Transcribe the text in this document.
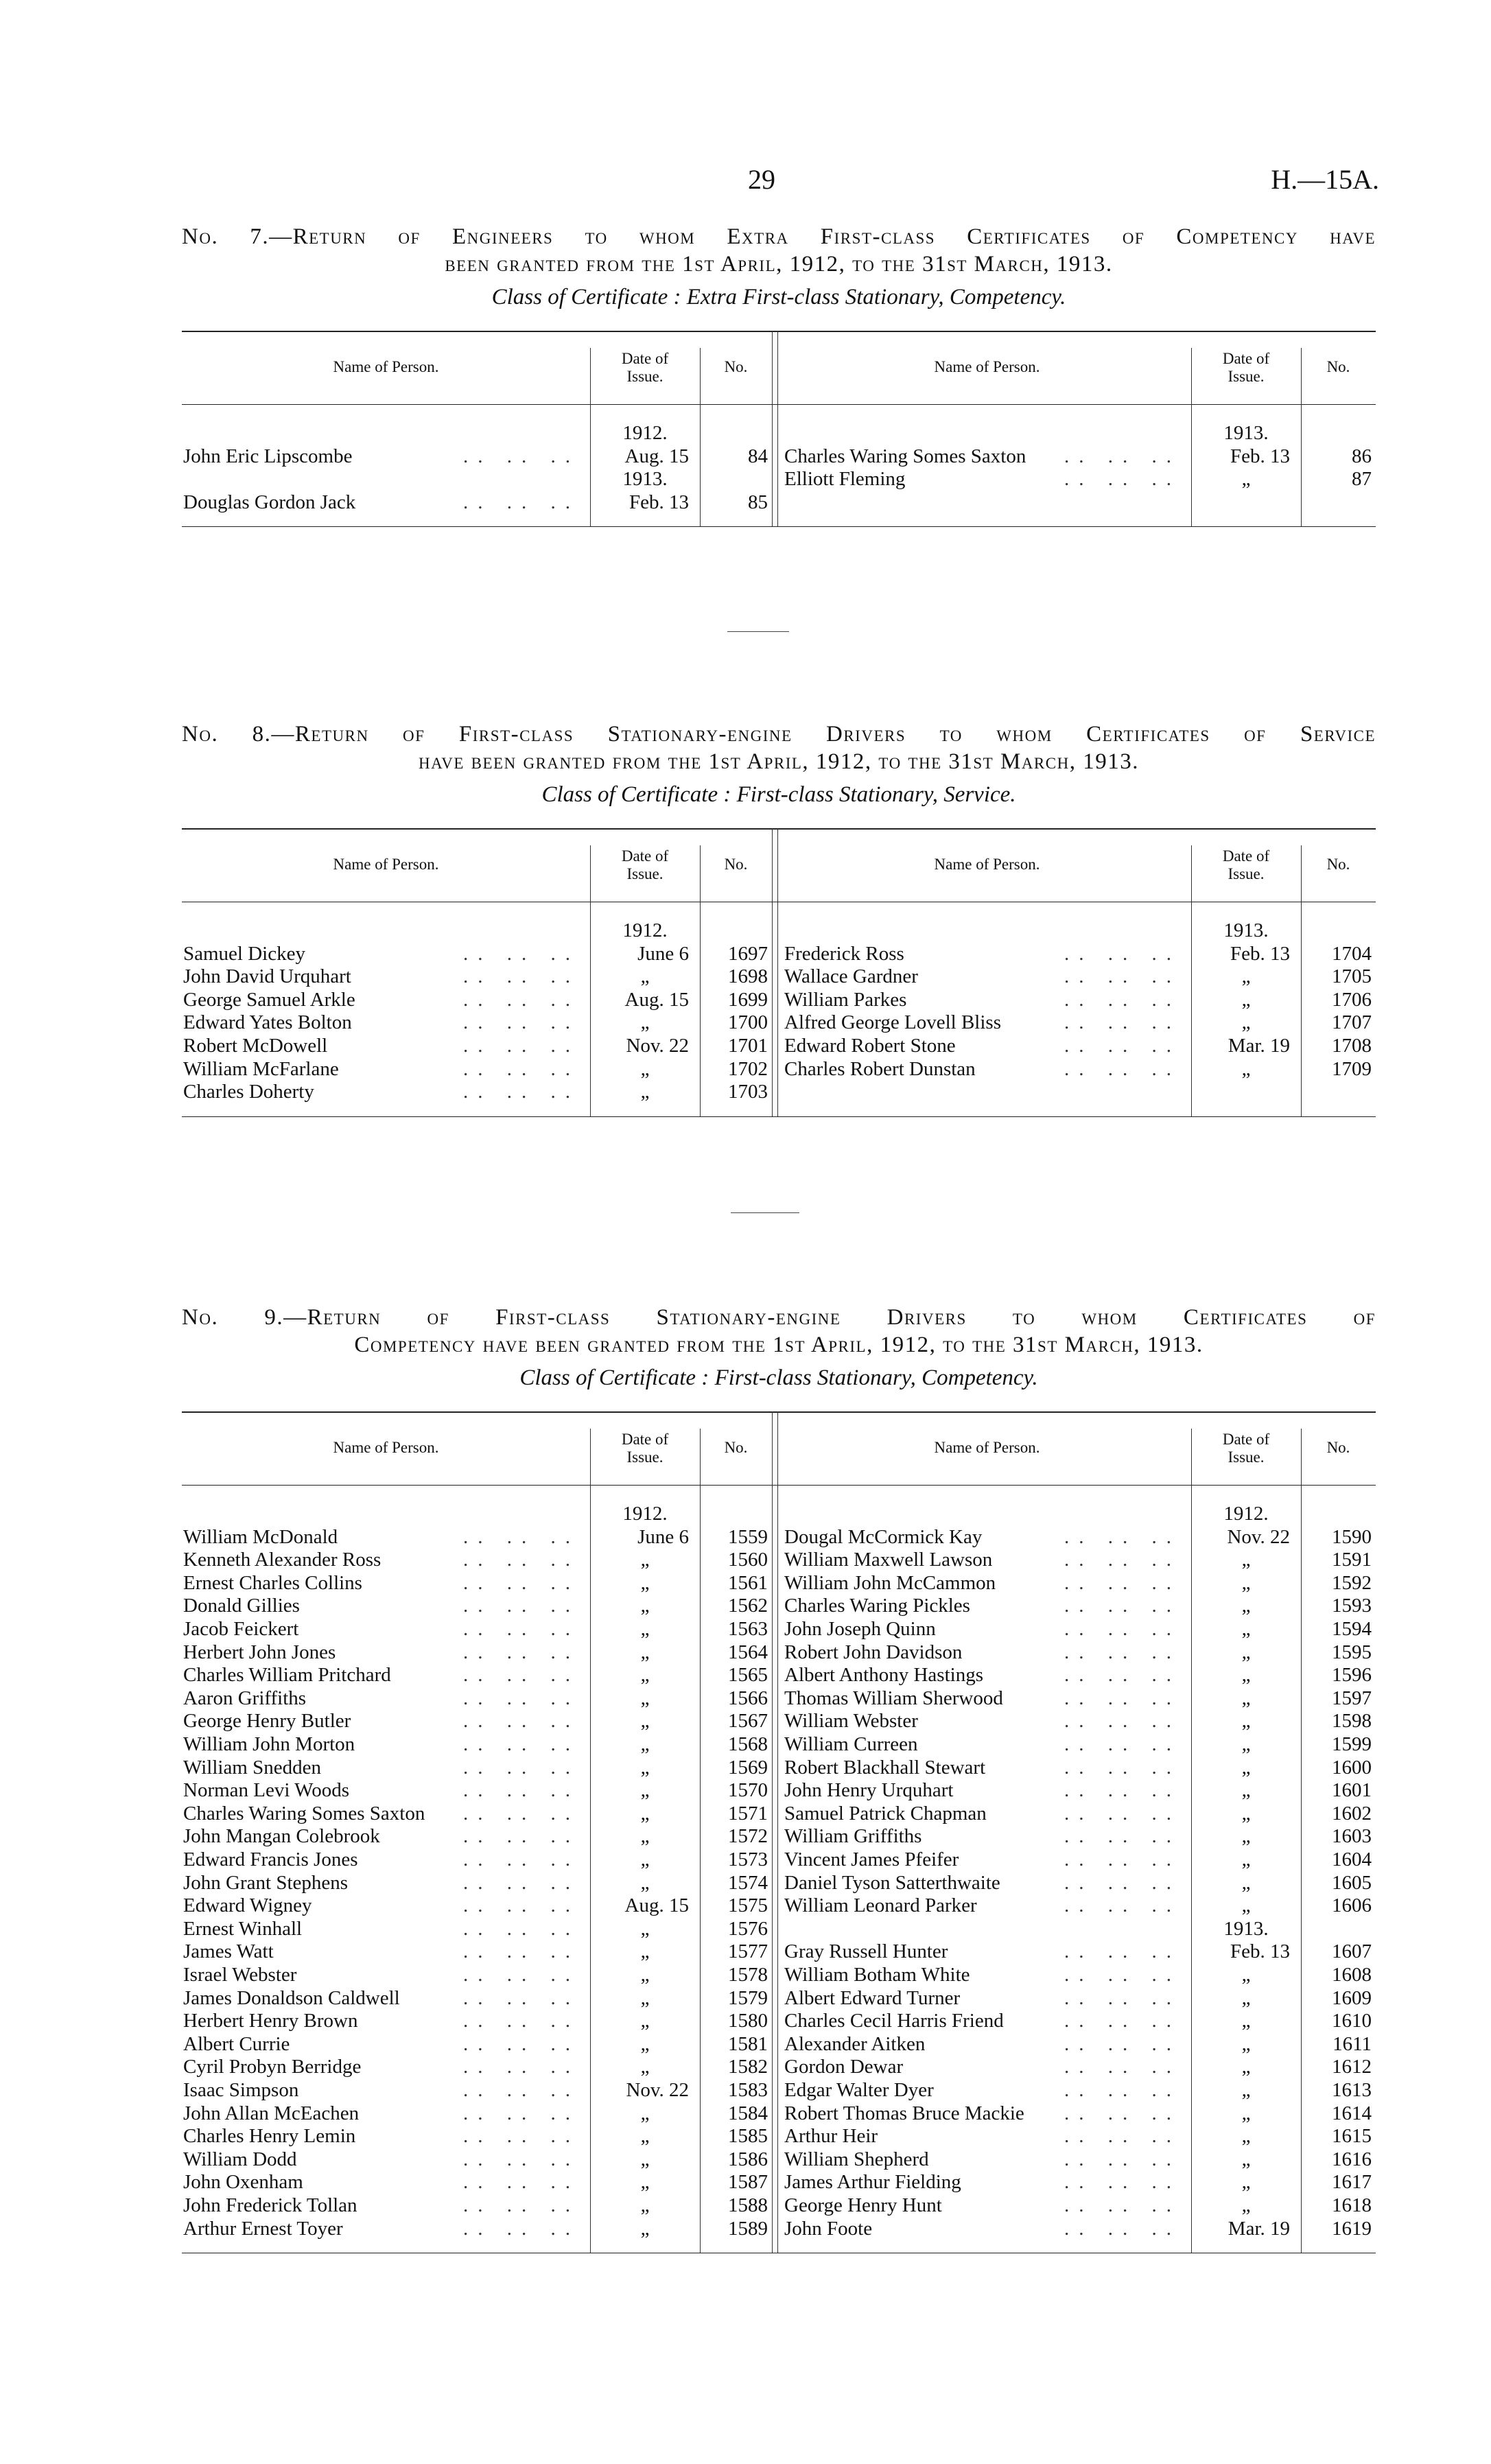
29	H.—15A.
No. 7.—Return of Engineers to whom Extra First-class Certificates of Competency have
been granted from the 1st April, 1912, to the 31st March, 1913.
Class of Certificate : Extra First-class Stationary, Competency.
Name of Person.	Date of Issue.
No.
1912.
John Eric Lipscombe	.. .. ..	Aug. 15	84
1913.
Douglas Gordon Jack	.. .. ..	Feb. 13	85
Name of Person.	Date of Issue.
No.
1913.
Charles Waring Somes Saxton	.. .. ..	Feb. 13	86
Elliott Fleming	.. .. ..	„	87
No. 8.—Return of First-class Stationary-engine Drivers to whom Certificates of Service
have been granted from the 1st April, 1912, to the 31st March, 1913.
Class of Certificate : First-class Stationary, Service.
Name of Person.	Date of Issue.
No.
1912.
Samuel Dickey	.. .. ..	June 6	1697
John David Urquhart	.. .. ..	„	1698
George Samuel Arkle	.. .. ..	Aug. 15	1699
Edward Yates Bolton	.. .. ..	„	1700
Robert McDowell	.. .. ..	Nov. 22	1701
William McFarlane	.. .. ..	„	1702
Charles Doherty	.. .. ..	„	1703
Name of Person.	Date of Issue.
No.
1913.
Frederick Ross	.. .. ..	Feb. 13	1704
Wallace Gardner	.. .. ..	„	1705
William Parkes	.. .. ..	„	1706
Alfred George Lovell Bliss	.. .. ..	„	1707
Edward Robert Stone	.. .. ..	Mar. 19	1708
Charles Robert Dunstan	.. .. ..	„	1709
No. 9.—Return of First-class Stationary-engine Drivers to whom Certificates of
Competency have been granted from the 1st April, 1912, to the 31st March, 1913.
Class of Certificate : First-class Stationary, Competency.
Name of Person.	Date of Issue.
No.
1912.
William McDonald	.. .. ..	June 6	1559
Kenneth Alexander Ross	.. .. ..	„	1560
Ernest Charles Collins	.. .. ..	„	1561
Donald Gillies	.. .. ..	„	1562
Jacob Feickert	.. .. ..	„	1563
Herbert John Jones	.. .. ..	„	1564
Charles William Pritchard	.. .. ..	„	1565
Aaron Griffiths	.. .. ..	„	1566
George Henry Butler	.. .. ..	„	1567
William John Morton	.. .. ..	„	1568
William Snedden	.. .. ..	„	1569
Norman Levi Woods	.. .. ..	„	1570
Charles Waring Somes Saxton	.. .. ..	„	1571
John Mangan Colebrook	.. .. ..	„	1572
Edward Francis Jones	.. .. ..	„	1573
John Grant Stephens	.. .. ..	„	1574
Edward Wigney	.. .. ..	Aug. 15	1575
Ernest Winhall	.. .. ..	„	1576
James Watt	.. .. ..	„	1577
Israel Webster	.. .. ..	„	1578
James Donaldson Caldwell	.. .. ..	„	1579
Herbert Henry Brown	.. .. ..	„	1580
Albert Currie	.. .. ..	„	1581
Cyril Probyn Berridge	.. .. ..	„	1582
Isaac Simpson	.. .. ..	Nov. 22	1583
John Allan McEachen	.. .. ..	„	1584
Charles Henry Lemin	.. .. ..	„	1585
William Dodd	.. .. ..	„	1586
John Oxenham	.. .. ..	„	1587
John Frederick Tollan	.. .. ..	„	1588
Arthur Ernest Toyer	.. .. ..	„	1589
Name of Person.	Date of Issue.
No.
1912.
Dougal McCormick Kay	.. .. ..	Nov. 22	1590
William Maxwell Lawson	.. .. ..	„	1591
William John McCammon	.. .. ..	„	1592
Charles Waring Pickles	.. .. ..	„	1593
John Joseph Quinn	.. .. ..	„	1594
Robert John Davidson	.. .. ..	„	1595
Albert Anthony Hastings	.. .. ..	„	1596
Thomas William Sherwood	.. .. ..	„	1597
William Webster	.. .. ..	„	1598
William Curreen	.. .. ..	„	1599
Robert Blackhall Stewart	.. .. ..	„	1600
John Henry Urquhart	.. .. ..	„	1601
Samuel Patrick Chapman	.. .. ..	„	1602
William Griffiths	.. .. ..	„	1603
Vincent James Pfeifer	.. .. ..	„	1604
Daniel Tyson Satterthwaite	.. .. ..	„	1605
William Leonard Parker	.. .. ..	„	1606
1913.
Gray Russell Hunter	.. .. ..	Feb. 13	1607
William Botham White	.. .. ..	„	1608
Albert Edward Turner	.. .. ..	„	1609
Charles Cecil Harris Friend	.. .. ..	„	1610
Alexander Aitken	.. .. ..	„	1611
Gordon Dewar	.. .. ..	„	1612
Edgar Walter Dyer	.. .. ..	„	1613
Robert Thomas Bruce Mackie	.. .. ..	„	1614
Arthur Heir	.. .. ..	„	1615
William Shepherd	.. .. ..	„	1616
James Arthur Fielding	.. .. ..	„	1617
George Henry Hunt	.. .. ..	„	1618
John Foote	.. .. ..	Mar. 19	1619
